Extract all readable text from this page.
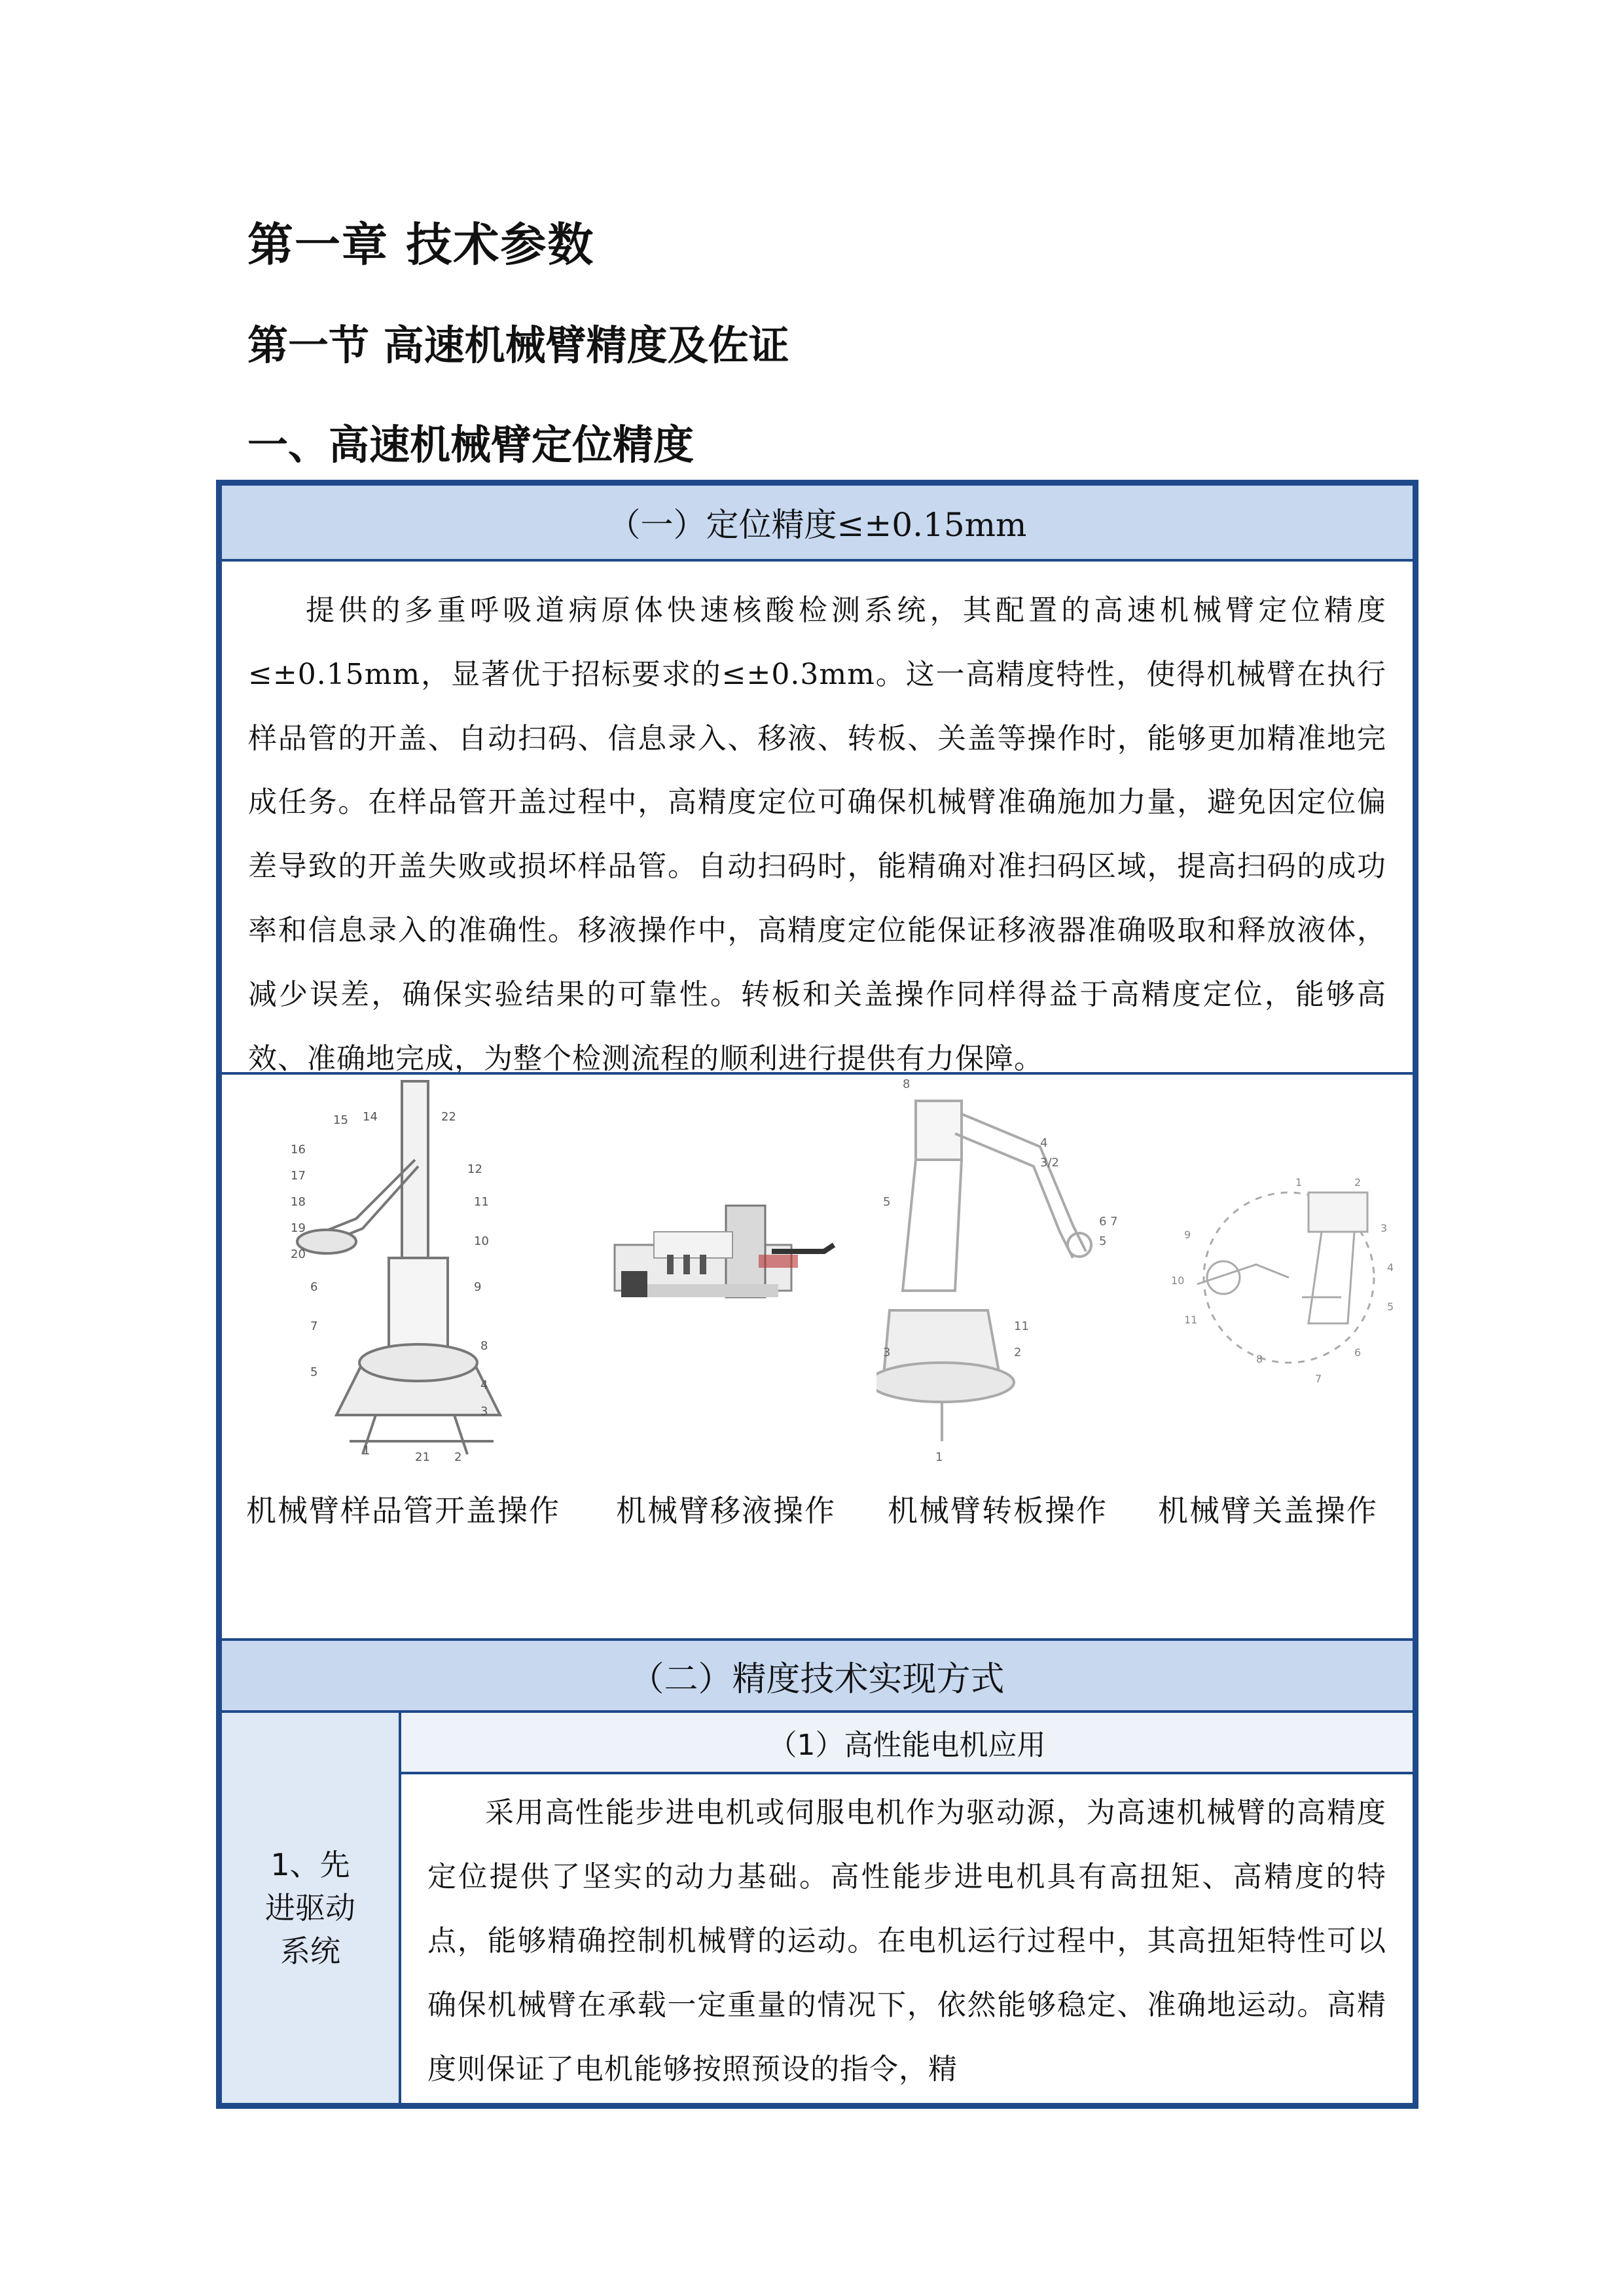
第一章 技术参数
第一节 高速机械臂精度及佐证
一、高速机械臂定位精度
（一）定位精度≤±0.15mm

提供的多重呼吸道病原体快速核酸检测系统，其配置的高速机械臂定位精度≤±0.15mm，显著优于招标要求的≤±0.3mm。这一高精度特性，使得机械臂在执行样品管的开盖、自动扫码、信息录入、移液、转板、关盖等操作时，能够更加精准地完成任务。在样品管开盖过程中，高精度定位可确保机械臂准确施加力量，避免因定位偏差导致的开盖失败或损坏样品管。自动扫码时，能精确对准扫码区域，提高扫码的成功率和信息录入的准确性。移液操作中，高精度定位能保证移液器准确吸取和释放液体，减少误差，确保实验结果的可靠性。转板和关盖操作同样得益于高精度定位，能够高效、准确地完成，为整个检测流程的顺利进行提供有力保障。

15 14	22
16
17
18
19
20
12
11
10
9
8
6
7
5
4
3
1	21 2
8
4
3/2
6 7
5
5
3	2
11
1
1	2
3
4
5
6
7
8
9
10
11
机械臂样品管开盖操作 机械臂移液操作 机械臂转板操作 机械臂关盖操作
（二）精度技术实现方式
1、先进驱动系统
（1）高性能电机应用

采用高性能步进电机或伺服电机作为驱动源，为高速机械臂的高精度定位提供了坚实的动力基础。高性能步进电机具有高扭矩、高精度的特点，能够精确控制机械臂的运动。在电机运行过程中，其高扭矩特性可以确保机械臂在承载一定重量的情况下，依然能够稳定、准确地运动。高精度则保证了电机能够按照预设的指令，精
